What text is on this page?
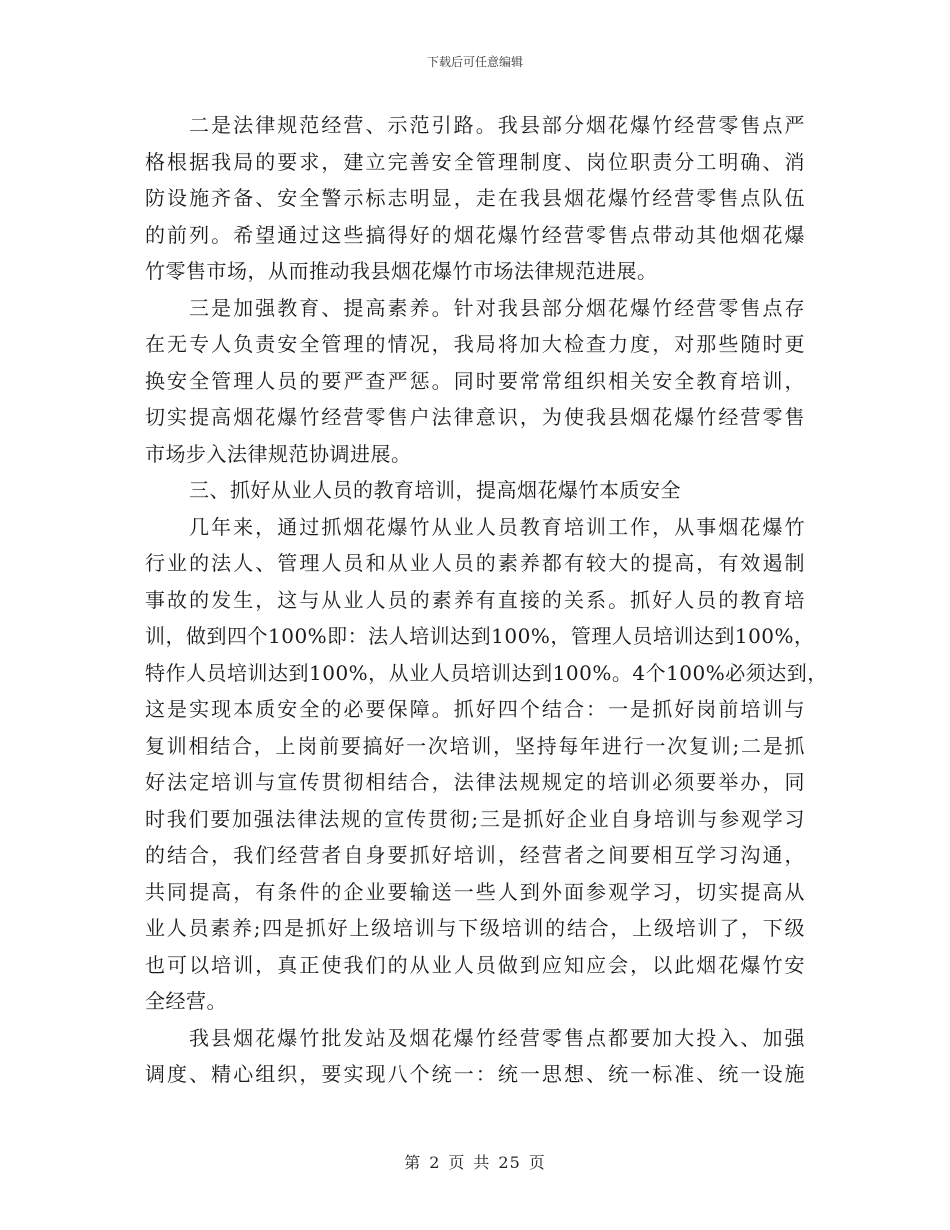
下载后可任意编辑
二是法律规范经营、示范引路。我县部分烟花爆竹经营零售点严
格根据我局的要求，建立完善安全管理制度、岗位职责分工明确、消
防设施齐备、安全警示标志明显，走在我县烟花爆竹经营零售点队伍
的前列。希望通过这些搞得好的烟花爆竹经营零售点带动其他烟花爆
竹零售市场，从而推动我县烟花爆竹市场法律规范进展。
三是加强教育、提高素养。针对我县部分烟花爆竹经营零售点存
在无专人负责安全管理的情况，我局将加大检查力度，对那些随时更
换安全管理人员的要严查严惩。同时要常常组织相关安全教育培训，
切实提高烟花爆竹经营零售户法律意识，为使我县烟花爆竹经营零售
市场步入法律规范协调进展。
三、抓好从业人员的教育培训，提高烟花爆竹本质安全
几年来，通过抓烟花爆竹从业人员教育培训工作，从事烟花爆竹
行业的法人、管理人员和从业人员的素养都有较大的提高，有效遏制
事故的发生，这与从业人员的素养有直接的关系。抓好人员的教育培
训，做到四个100%即：法人培训达到100%，管理人员培训达到100%，
特作人员培训达到100%，从业人员培训达到100%。4个100%必须达到，
这是实现本质安全的必要保障。抓好四个结合：一是抓好岗前培训与
复训相结合，上岗前要搞好一次培训，坚持每年进行一次复训;二是抓
好法定培训与宣传贯彻相结合，法律法规规定的培训必须要举办，同
时我们要加强法律法规的宣传贯彻;三是抓好企业自身培训与参观学习
的结合，我们经营者自身要抓好培训，经营者之间要相互学习沟通，
共同提高，有条件的企业要输送一些人到外面参观学习，切实提高从
业人员素养;四是抓好上级培训与下级培训的结合，上级培训了，下级
也可以培训，真正使我们的从业人员做到应知应会，以此烟花爆竹安
全经营。
我县烟花爆竹批发站及烟花爆竹经营零售点都要加大投入、加强
调度、精心组织，要实现八个统一：统一思想、统一标准、统一设施
第 2 页 共 25 页
